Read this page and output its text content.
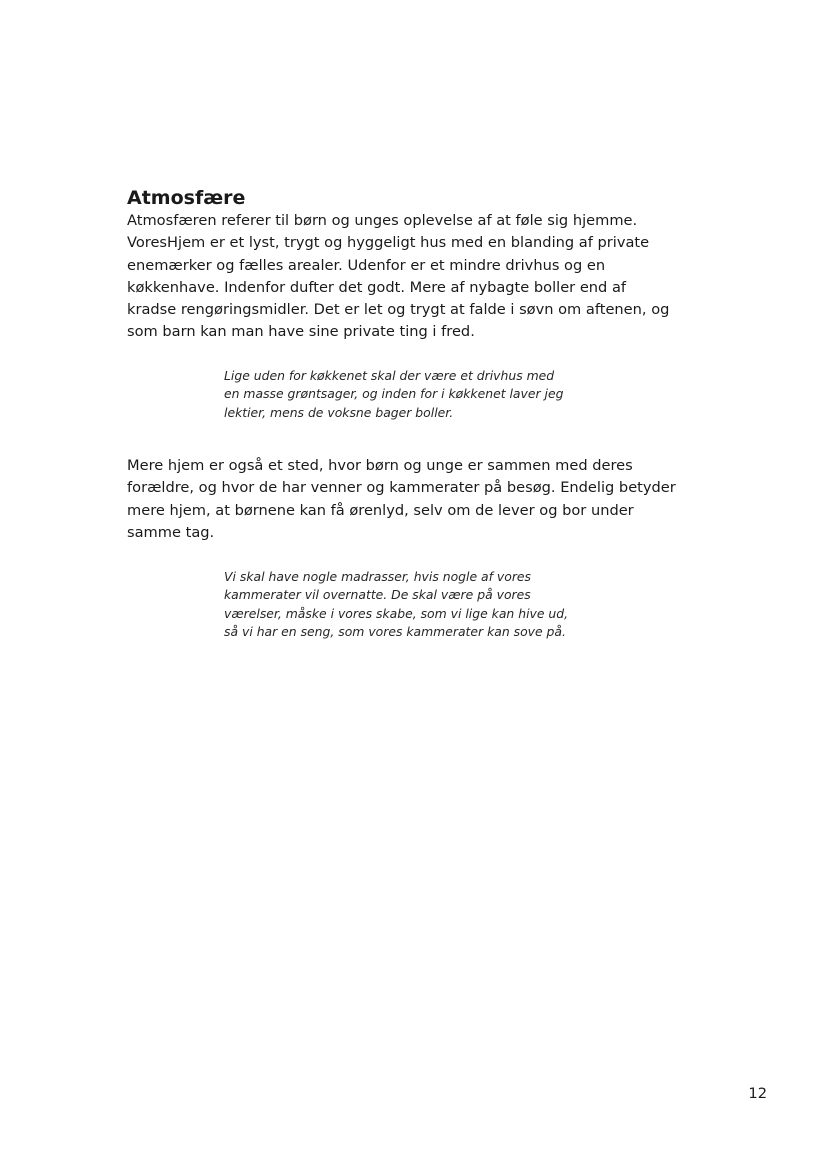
Atmosfære

Atmosfæren referer til børn og unges oplevelse af at føle sig hjemme.
VoresHjem er et lyst, trygt og hyggeligt hus med en blanding af private
enemærker og fælles arealer. Udenfor er et mindre drivhus og en
køkkenhave. Indenfor dufter det godt. Mere af nybagte boller end af
kradse rengøringsmidler. Det er let og trygt at falde i søvn om aftenen, og
som barn kan man have sine private ting i fred.

Lige uden for køkkenet skal der være et drivhus med
en masse grøntsager, og inden for i køkkenet laver jeg
lektier, mens de voksne bager boller.

Mere hjem er også et sted, hvor børn og unge er sammen med deres
forældre, og hvor de har venner og kammerater på besøg. Endelig betyder
mere hjem, at børnene kan få ørenlyd, selv om de lever og bor under
samme tag.

Vi skal have nogle madrasser, hvis nogle af vores
kammerater vil overnatte. De skal være på vores
værelser, måske i vores skabe, som vi lige kan hive ud,
så vi har en seng, som vores kammerater kan sove på.
12
